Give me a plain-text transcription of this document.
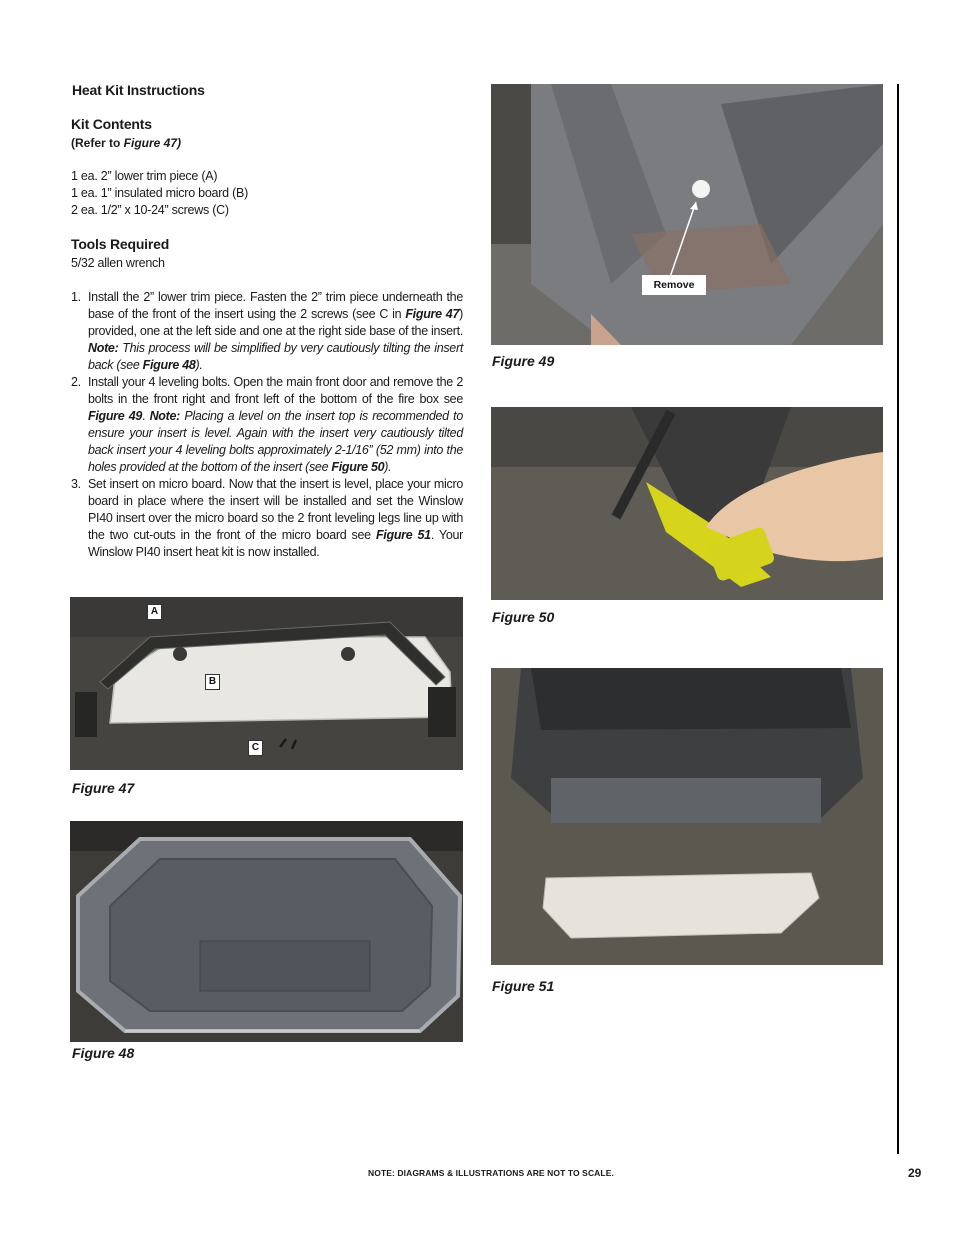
Heat Kit Instructions
Kit Contents
(Refer to Figure 47)
1 ea. 2” lower trim piece (A)
1 ea. 1” insulated micro board (B)
2 ea. 1/2” x 10-24” screws (C)
Tools Required
5/32 allen wrench
1. Install the 2” lower trim piece. Fasten the 2” trim piece underneath the base of the front of the insert using the 2 screws (see C in Figure 47) provided, one at the left side and one at the right side base of the insert. Note: This process will be simplified by very cautiously tilting the insert back (see Figure 48).
2. Install your 4 leveling bolts. Open the main front door and remove the 2 bolts in the front right and front left of the bottom of the fire box see Figure 49. Note: Placing a level on the insert top is recommended to ensure your insert is level. Again with the insert very cautiously tilted back insert your 4 leveling bolts approximately 2-1/16” (52 mm) into the holes provided at the bottom of the insert (see Figure 50).
3. Set insert on micro board. Now that the insert is level, place your micro board in place where the insert will be installed and set the Winslow PI40 insert over the micro board so the 2 front leveling legs line up with the two cut-outs in the front of the micro board see Figure 51. Your Winslow PI40 insert heat kit is now installed.
A
B
C
Figure 47
Figure 48
Remove
Figure 49
Figure 50
Figure 51
NOTE: DIAGRAMS & ILLUSTRATIONS ARE NOT TO SCALE.	29
